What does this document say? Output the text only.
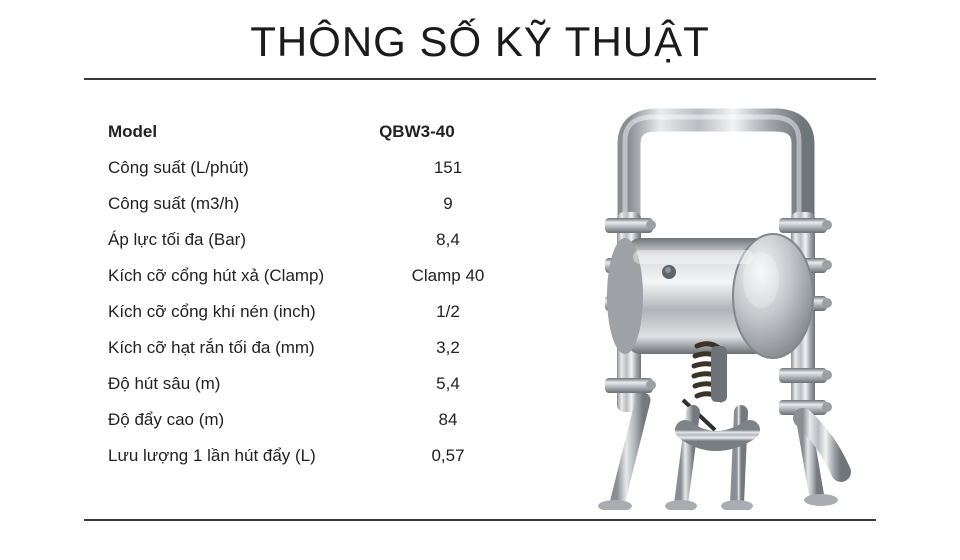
THÔNG SỐ KỸ THUẬT
Model	QBW3-40
Công suất (L/phút)	151
Công suất (m3/h)	9
Áp lực tối đa (Bar)	8,4
Kích cỡ cổng hút xả (Clamp)	Clamp 40
Kích cỡ cổng khí nén (inch)	1/2
Kích cỡ hạt rắn tối đa (mm)	3,2
Độ hút sâu (m)	5,4
Độ đẩy cao (m)	84
Lưu lượng 1 lần hút đẩy (L)	0,57
